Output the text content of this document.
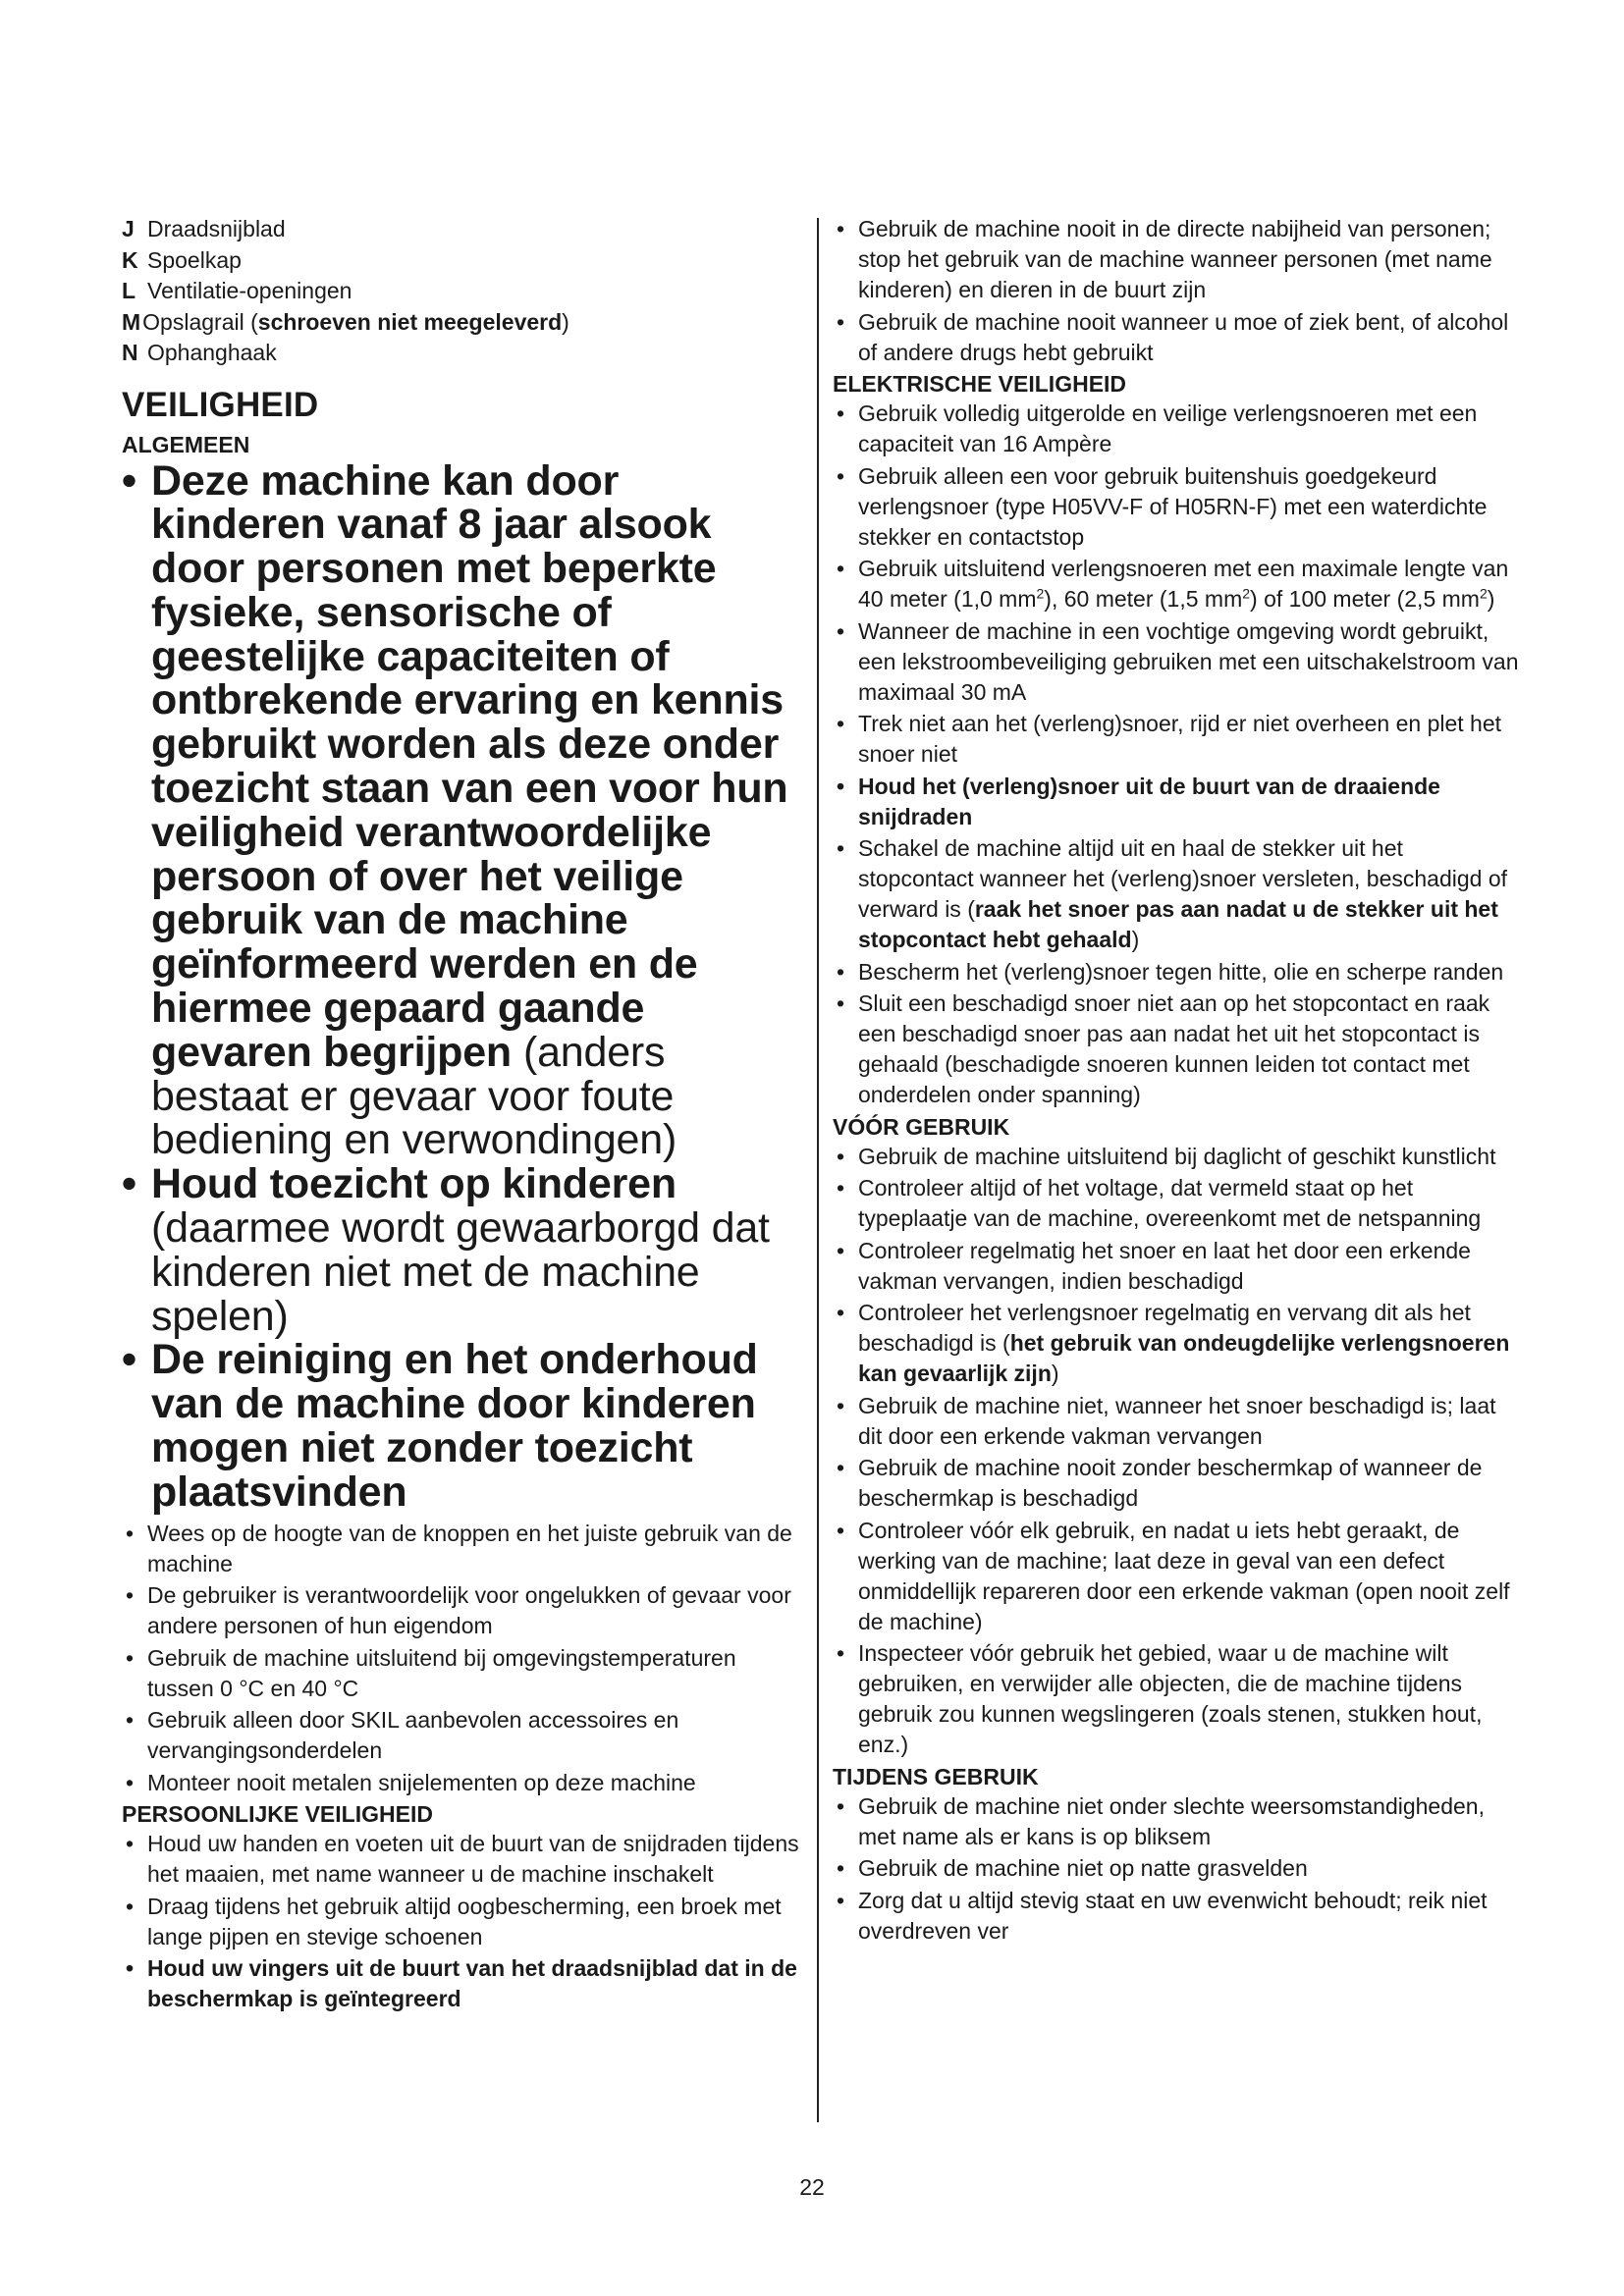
J Draadsnijblad
K Spoelkap
L Ventilatie-openingen
MOpslagrail (schroeven niet meegeleverd)
N Ophanghaak
VEILIGHEID
ALGEMEEN
• Deze machine kan door kinderen vanaf 8 jaar alsook door personen met beperkte fysieke, sensorische of geestelijke capaciteiten of ontbrekende ervaring en kennis gebruikt worden als deze onder toezicht staan van een voor hun veiligheid verantwoordelijke persoon of over het veilige gebruik van de machine geïnformeerd werden en de hiermee gepaard gaande gevaren begrijpen (anders bestaat er gevaar voor foute bediening en verwondingen)
• Houd toezicht op kinderen (daarmee wordt gewaarborgd dat kinderen niet met de machine spelen)
• De reiniging en het onderhoud van de machine door kinderen mogen niet zonder toezicht plaatsvinden
• Wees op de hoogte van de knoppen en het juiste gebruik van de machine
• De gebruiker is verantwoordelijk voor ongelukken of gevaar voor andere personen of hun eigendom
• Gebruik de machine uitsluitend bij omgevingstemperaturen tussen 0 °C en 40 °C
• Gebruik alleen door SKIL aanbevolen accessoires en vervangingsonderdelen
• Monteer nooit metalen snijelementen op deze machine
PERSOONLIJKE VEILIGHEID
• Houd uw handen en voeten uit de buurt van de snijdraden tijdens het maaien, met name wanneer u de machine inschakelt
• Draag tijdens het gebruik altijd oogbescherming, een broek met lange pijpen en stevige schoenen
• Houd uw vingers uit de buurt van het draadsnijblad dat in de beschermkap is geïntegreerd
• Gebruik de machine nooit in de directe nabijheid van personen; stop het gebruik van de machine wanneer personen (met name kinderen) en dieren in de buurt zijn
• Gebruik de machine nooit wanneer u moe of ziek bent, of alcohol of andere drugs hebt gebruikt
ELEKTRISCHE VEILIGHEID
• Gebruik volledig uitgerolde en veilige verlengsnoeren met een capaciteit van 16 Ampère
• Gebruik alleen een voor gebruik buitenshuis goedgekeurd verlengsnoer (type H05VV-F of H05RN-F) met een waterdichte stekker en contactstop
• Gebruik uitsluitend verlengsnoeren met een maximale lengte van 40 meter (1,0 $mm^2$), 60 meter (1,5 $mm^2$) of 100 meter (2,5 $mm^2$)
• Wanneer de machine in een vochtige omgeving wordt gebruikt, een lekstroombeveiliging gebruiken met een uitschakelstroom van maximaal 30 mA
• Trek niet aan het (verleng)snoer, rijd er niet overheen en plet het snoer niet
• Houd het (verleng)snoer uit de buurt van de draaiende snijdraden
• Schakel de machine altijd uit en haal de stekker uit het stopcontact wanneer het (verleng)snoer versleten, beschadigd of verward is (raak het snoer pas aan nadat u de stekker uit het stopcontact hebt gehaald)
• Bescherm het (verleng)snoer tegen hitte, olie en scherpe randen
• Sluit een beschadigd snoer niet aan op het stopcontact en raak een beschadigd snoer pas aan nadat het uit het stopcontact is gehaald (beschadigde snoeren kunnen leiden tot contact met onderdelen onder spanning)
VÓÓR GEBRUIK
• Gebruik de machine uitsluitend bij daglicht of geschikt kunstlicht
• Controleer altijd of het voltage, dat vermeld staat op het typeplaatje van de machine, overeenkomt met de netspanning
• Controleer regelmatig het snoer en laat het door een erkende vakman vervangen, indien beschadigd
• Controleer het verlengsnoer regelmatig en vervang dit als het beschadigd is (het gebruik van ondeugdelijke verlengsnoeren kan gevaarlijk zijn)
• Gebruik de machine niet, wanneer het snoer beschadigd is; laat dit door een erkende vakman vervangen
• Gebruik de machine nooit zonder beschermkap of wanneer de beschermkap is beschadigd
• Controleer vóór elk gebruik, en nadat u iets hebt geraakt, de werking van de machine; laat deze in geval van een defect onmiddellijk repareren door een erkende vakman (open nooit zelf de machine)
• Inspecteer vóór gebruik het gebied, waar u de machine wilt gebruiken, en verwijder alle objecten, die de machine tijdens gebruik zou kunnen wegslingeren (zoals stenen, stukken hout, enz.)
TIJDENS GEBRUIK
• Gebruik de machine niet onder slechte weersomstandigheden, met name als er kans is op bliksem
• Gebruik de machine niet op natte grasvelden
• Zorg dat u altijd stevig staat en uw evenwicht behoudt; reik niet overdreven ver
22
